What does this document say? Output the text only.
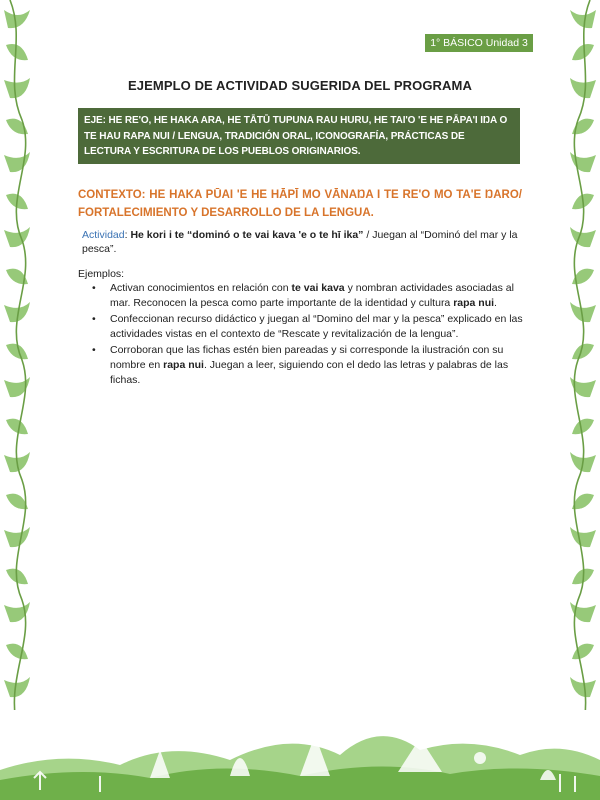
1° BÁSICO Unidad 3
EJEMPLO DE ACTIVIDAD SUGERIDA DEL PROGRAMA
EJE: HE RE'O, HE HAKA ARA, HE TĀTŪ TUPUNA RAU HURU, HE TAI'O 'E HE PĀPA'I IŊA O TE HAU RAPA NUI / LENGUA, TRADICIÓN ORAL, ICONOGRAFÍA, PRÁCTICAS DE LECTURA Y ESCRITURA DE LOS PUEBLOS ORIGINARIOS.
CONTEXTO: HE HAKA PŪAI 'E HE HĀPĪ MO VĀNAŊA I TE RE'O MO TA'E ŊARO/ FORTALECIMIENTO Y DESARROLLO DE LA LENGUA.
Actividad: He kori i te “dominó o te vai kava 'e o te hī ika” / Juegan al “Dominó del mar y la pesca”.
Ejemplos:
• Activan conocimientos en relación con te vai kava y nombran actividades asociadas al mar. Reconocen la pesca como parte importante de la identidad y cultura rapa nui.
• Confeccionan recurso didáctico y juegan al “Domino del mar y la pesca” explicado en las actividades vistas en el contexto de “Rescate y revitalización de la lengua”.
• Corroboran que las fichas estén bien pareadas y si corresponde la ilustración con su nombre en rapa nui. Juegan a leer, siguiendo con el dedo las letras y palabras de las fichas.
